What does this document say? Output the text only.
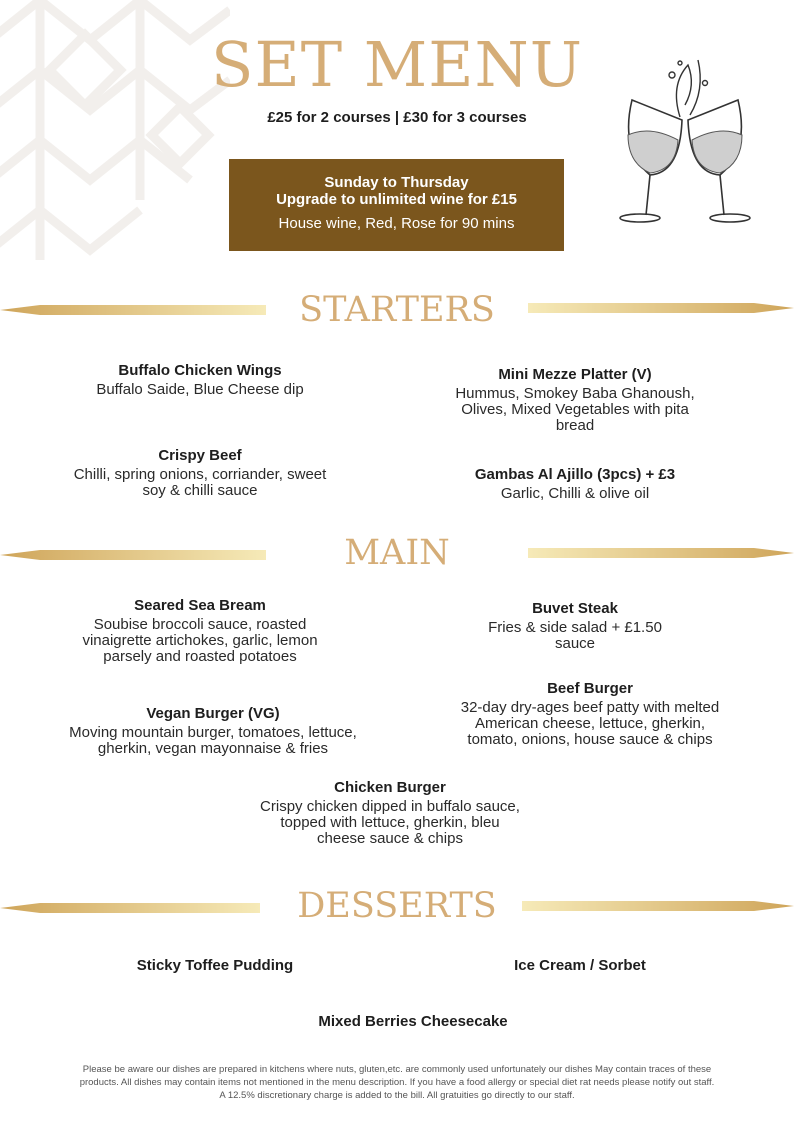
SET MENU
£25 for 2 courses | £30 for 3 courses
Sunday to Thursday
Upgrade to unlimited wine for £15
House wine, Red, Rose for 90 mins
STARTERS
Buffalo Chicken Wings
Buffalo Saide, Blue Cheese dip
Mini Mezze Platter (V)
Hummus, Smokey Baba Ghanoush,
Olives, Mixed Vegetables with pita
bread
Crispy Beef
Chilli, spring onions, corriander, sweet
soy & chilli sauce
Gambas Al Ajillo (3pcs) + £3
Garlic, Chilli & olive oil
MAIN
Seared Sea Bream
Soubise broccoli sauce, roasted
vinaigrette artichokes, garlic, lemon
parsely and roasted potatoes
Buvet Steak
Fries & side salad + £1.50
sauce
Beef Burger
32-day dry-ages beef patty with melted
American cheese, lettuce, gherkin,
tomato, onions, house sauce & chips
Vegan Burger (VG)
Moving mountain burger, tomatoes, lettuce,
gherkin, vegan mayonnaise & fries
Chicken Burger
Crispy chicken dipped in buffalo sauce,
topped with lettuce, gherkin, bleu
cheese sauce & chips
DESSERTS
Sticky Toffee Pudding	Ice Cream / Sorbet
Mixed Berries Cheesecake
Please be aware our dishes are prepared in kitchens where nuts, gluten,etc. are commonly used unfortunately our dishes May contain traces of these
products. All dishes may contain items not mentioned in the menu description. If you have a food allergy or special diet rat needs please notify out staff.
A 12.5% discretionary charge is added to the bill. All gratuities go directly to our staff.
